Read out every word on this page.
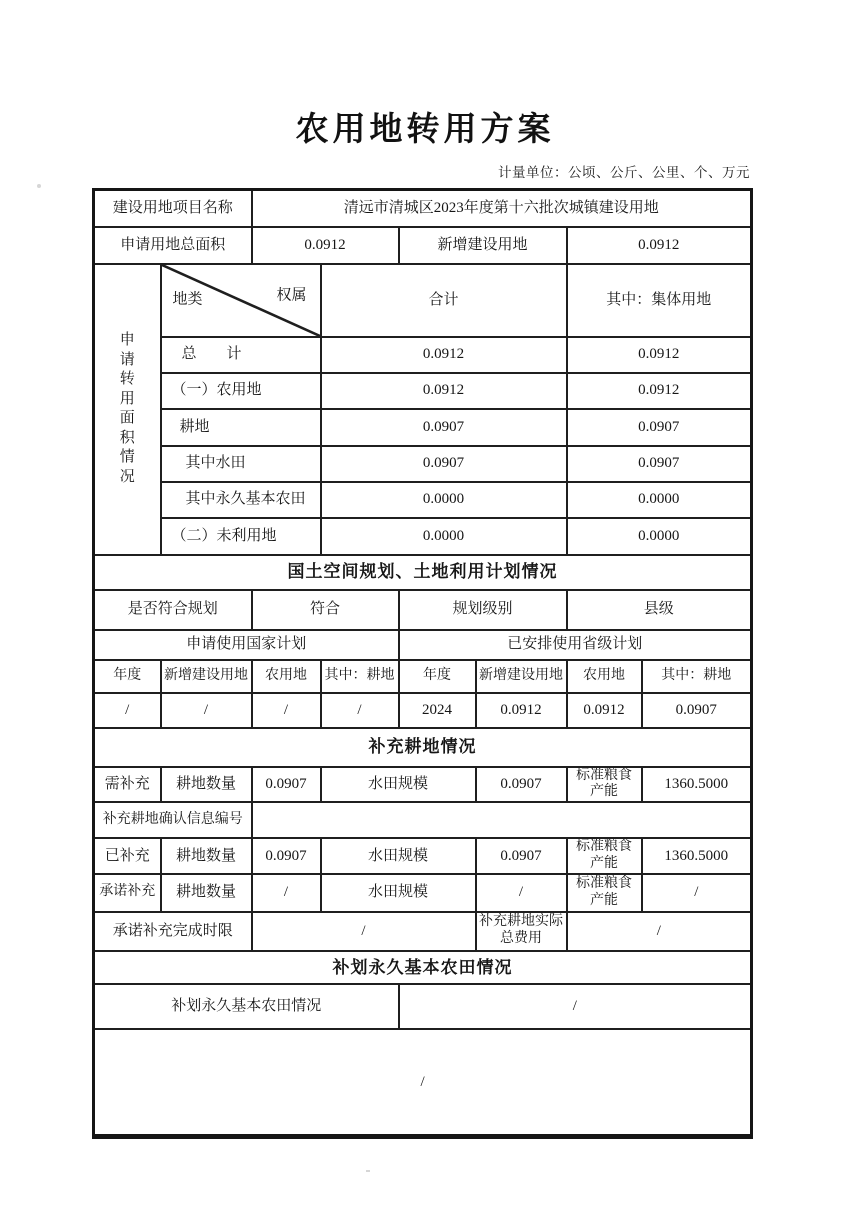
农用地转用方案
计量单位：公顷、公斤、公里、个、万元
建设用地项目名称		清远市清城区2023年度第十六批次城镇建设用地					
申请用地总面积		0.0912		新增建设用地		0.0912	

申请转用面积情况	地类 权属		合计			其中：集体用地	
	总　　计		0.0912			0.0912	
	（一）农用地		0.0912			0.0912	
	耕地		0.0907			0.0907	
	其中水田		0.0907			0.0907	
	其中永久基本农田		0.0000			0.0000	
	（二）未利用地		0.0000			0.0000	
国土空间规划、土地利用计划情况							
是否符合规划		符合		规划级别		县级	
申请使用国家计划				已安排使用省级计划			
年度	新增建设用地	农用地	其中：耕地	年度	新增建设用地	农用地	其中：耕地
/	/	/	/	2024	0.0912	0.0912	0.0907
补充耕地情况							
需补充	耕地数量	0.0907	水田规模		0.0907	标准粮食产能	1360.5000
补充耕地确认信息编号							
已补充	耕地数量	0.0907	水田规模		0.0907	标准粮食产能	1360.5000
承诺补充	耕地数量	/	水田规模		/	标准粮食产能	/
承诺补充完成时限		/			补充耕地实际总费用	/	
补划永久基本农田情况							
补划永久基本农田情况				/			
/							
